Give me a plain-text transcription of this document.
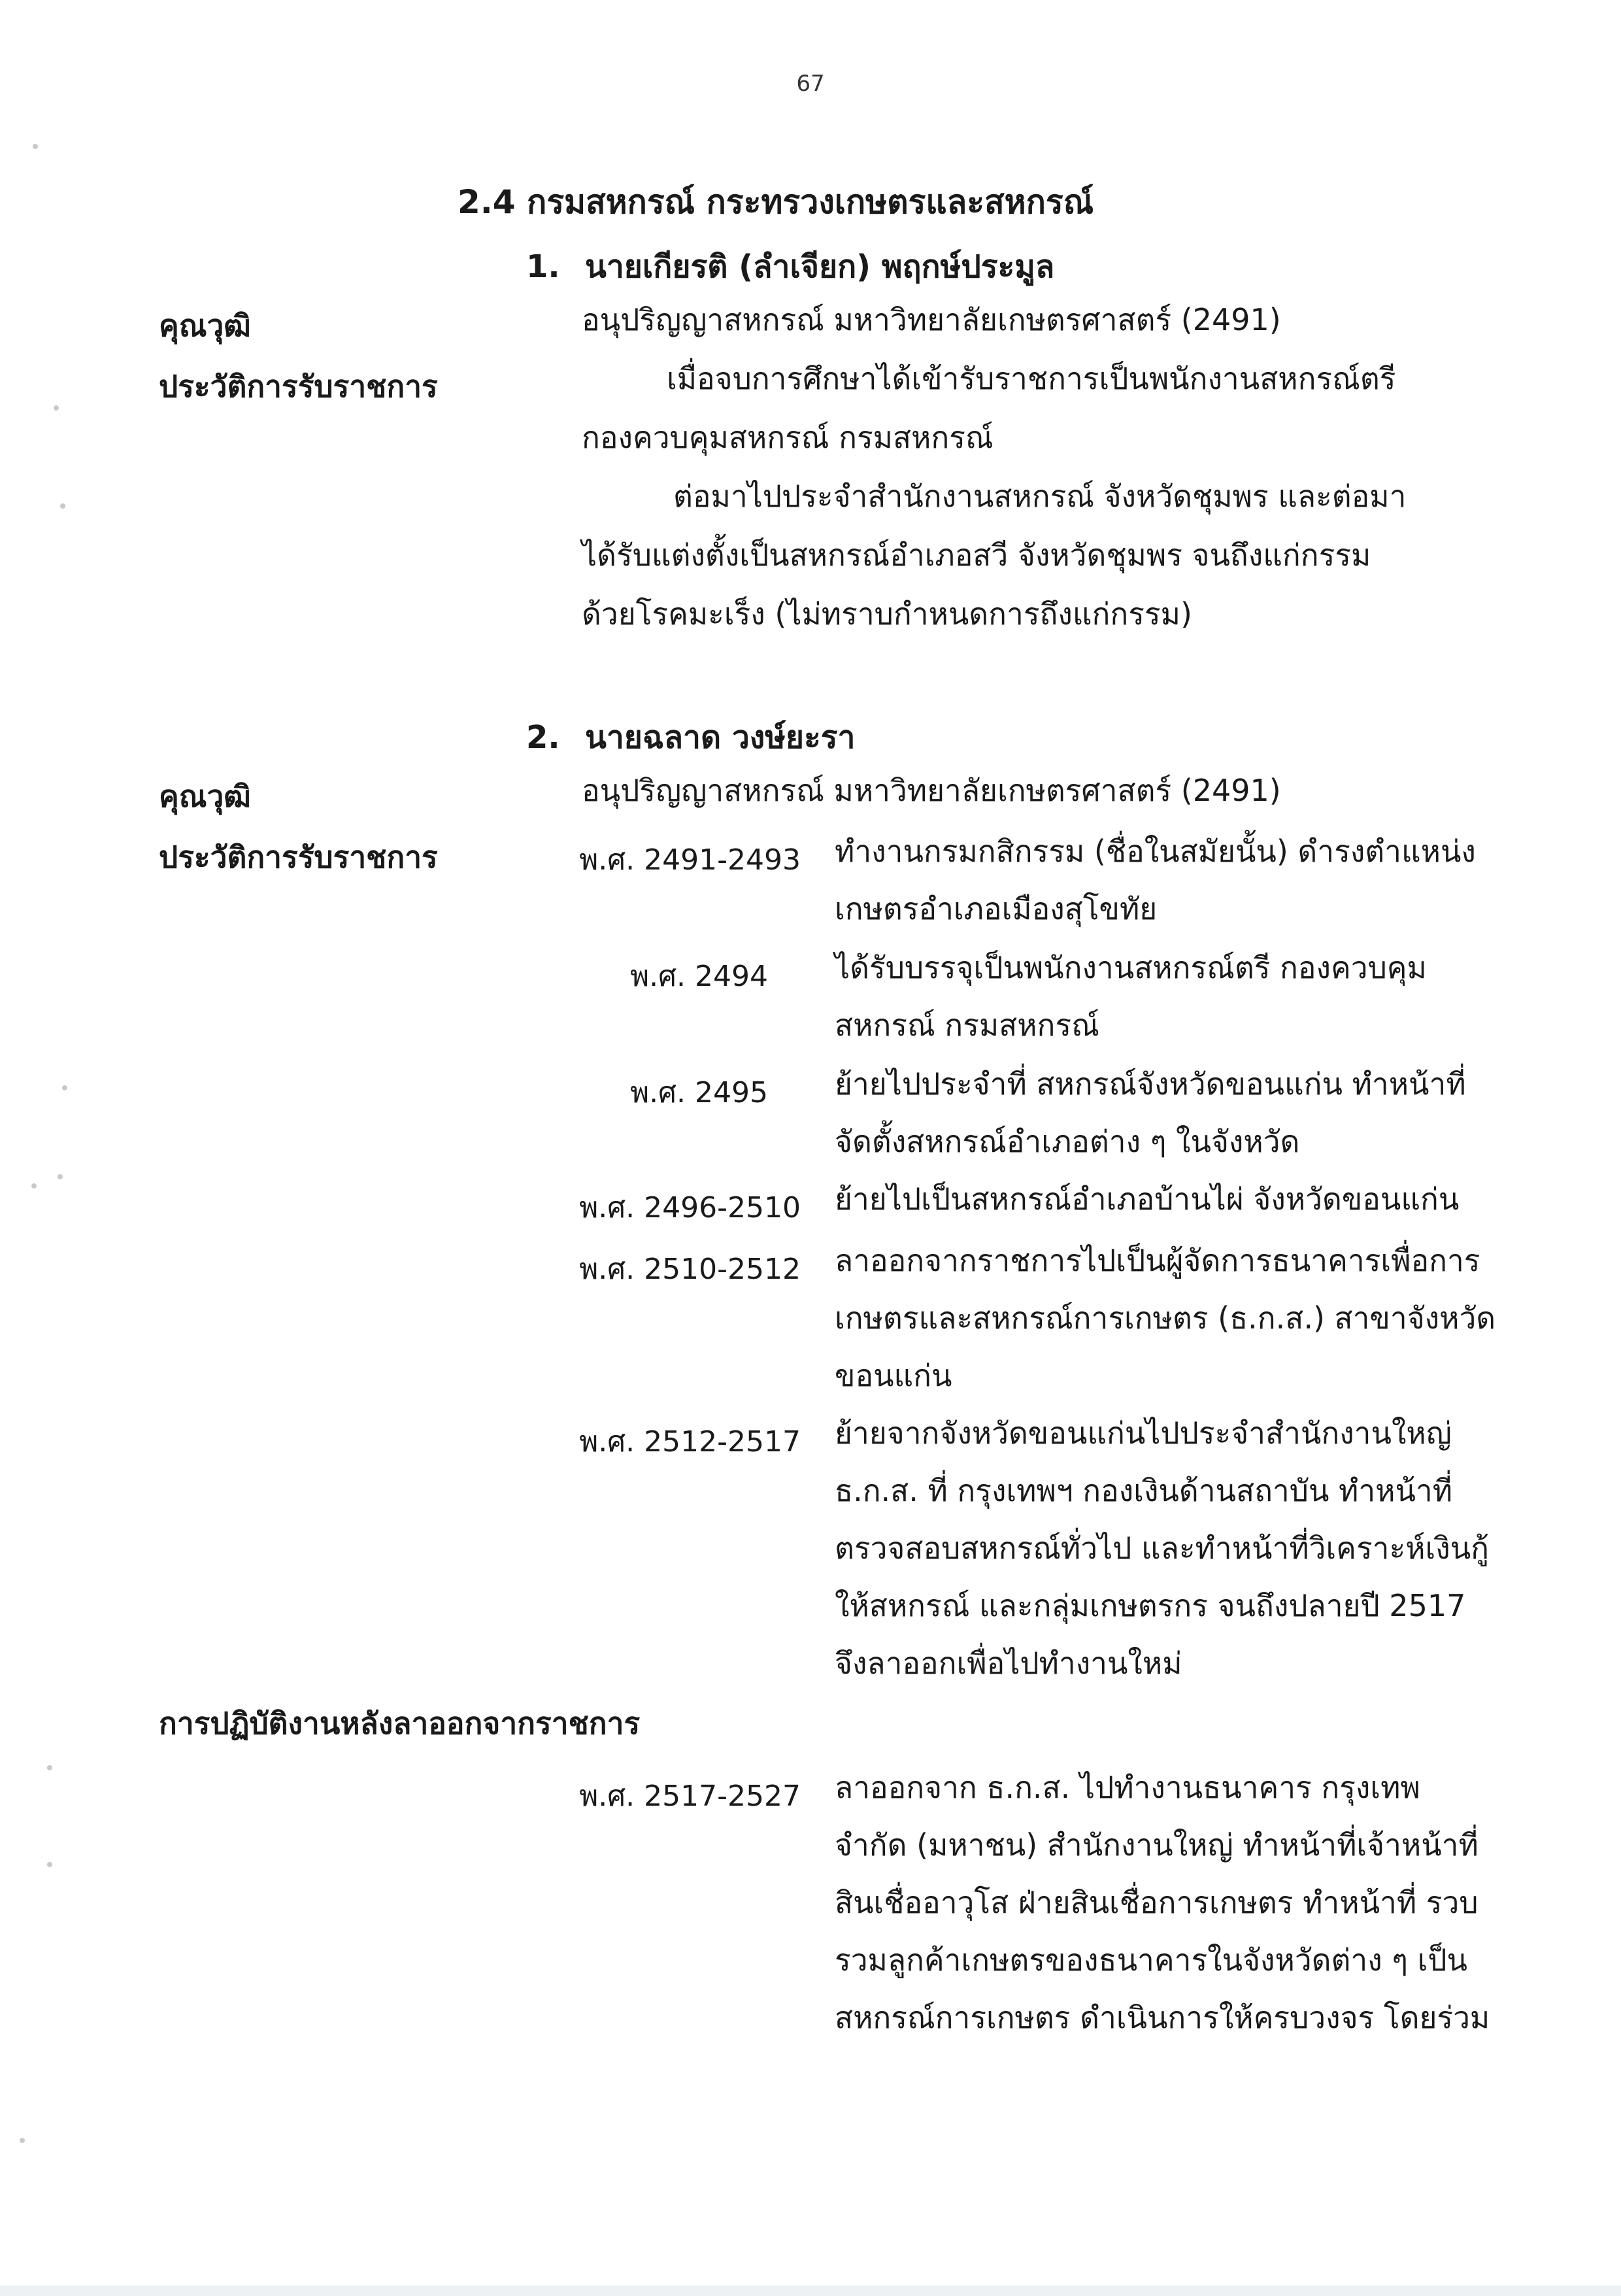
67
2.4 กรมสหกรณ์ กระทรวงเกษตรและสหกรณ์
1. นายเกียรติ (ลำเจียก) พฤกษ์ประมูล
คุณวุฒิ	อนุปริญญาสหกรณ์ มหาวิทยาลัยเกษตรศาสตร์ (2491)
ประวัติการรับราชการ	เมื่อจบการศึกษาได้เข้ารับราชการเป็นพนักงานสหกรณ์ตรี
กองควบคุมสหกรณ์ กรมสหกรณ์
ต่อมาไปประจำสำนักงานสหกรณ์ จังหวัดชุมพร และต่อมา
ได้รับแต่งตั้งเป็นสหกรณ์อำเภอสวี จังหวัดชุมพร จนถึงแก่กรรม
ด้วยโรคมะเร็ง (ไม่ทราบกำหนดการถึงแก่กรรม)
2. นายฉลาด วงษ์ยะรา
คุณวุฒิ	อนุปริญญาสหกรณ์ มหาวิทยาลัยเกษตรศาสตร์ (2491)
ประวัติการรับราชการ	พ.ศ. 2491-2493 ทำงานกรมกสิกรรม (ชื่อในสมัยนั้น) ดำรงตำแหน่ง เกษตรอำเภอเมืองสุโขทัย
พ.ศ. 2494 ได้รับบรรจุเป็นพนักงานสหกรณ์ตรี กองควบคุม สหกรณ์ กรมสหกรณ์
พ.ศ. 2495 ย้ายไปประจำที่ สหกรณ์จังหวัดขอนแก่น ทำหน้าที่ จัดตั้งสหกรณ์อำเภอต่าง ๆ ในจังหวัด
พ.ศ. 2496-2510 ย้ายไปเป็นสหกรณ์อำเภอบ้านไผ่ จังหวัดขอนแก่น
พ.ศ. 2510-2512 ลาออกจากราชการไปเป็นผู้จัดการธนาคารเพื่อการ เกษตรและสหกรณ์การเกษตร (ธ.ก.ส.) สาขาจังหวัด ขอนแก่น
พ.ศ. 2512-2517 ย้ายจากจังหวัดขอนแก่นไปประจำสำนักงานใหญ่ ธ.ก.ส. ที่ กรุงเทพฯ กองเงินด้านสถาบัน ทำหน้าที่ ตรวจสอบสหกรณ์ทั่วไป และทำหน้าที่วิเคราะห์เงินกู้ ให้สหกรณ์ และกลุ่มเกษตรกร จนถึงปลายปี 2517 จึงลาออกเพื่อไปทำงานใหม่
การปฏิบัติงานหลังลาออกจากราชการ
พ.ศ. 2517-2527 ลาออกจาก ธ.ก.ส. ไปทำงานธนาคาร กรุงเทพ จำกัด (มหาชน) สำนักงานใหญ่ ทำหน้าที่เจ้าหน้าที่ สินเชื่ออาวุโส ฝ่ายสินเชื่อการเกษตร ทำหน้าที่ รวบ รวมลูกค้าเกษตรของธนาคารในจังหวัดต่าง ๆ เป็น สหกรณ์การเกษตร ดำเนินการให้ครบวงจร โดยร่วม
